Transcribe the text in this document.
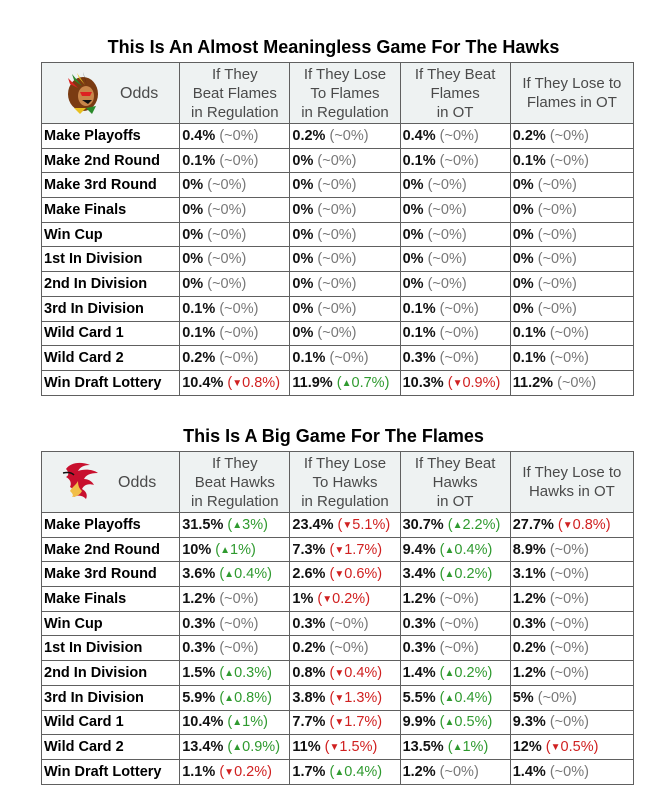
This Is An Almost Meaningless Game For The Hawks
Odds	If They
Beat Flames
in Regulation	If They Lose
To Flames
in Regulation	If They Beat
Flames
in OT	If They Lose to
Flames in OT
Make Playoffs	0.4% (~0%)	0.2% (~0%)	0.4% (~0%)	0.2% (~0%)
Make 2nd Round	0.1% (~0%)	0% (~0%)	0.1% (~0%)	0.1% (~0%)
Make 3rd Round	0% (~0%)	0% (~0%)	0% (~0%)	0% (~0%)
Make Finals	0% (~0%)	0% (~0%)	0% (~0%)	0% (~0%)
Win Cup	0% (~0%)	0% (~0%)	0% (~0%)	0% (~0%)
1st In Division	0% (~0%)	0% (~0%)	0% (~0%)	0% (~0%)
2nd In Division	0% (~0%)	0% (~0%)	0% (~0%)	0% (~0%)
3rd In Division	0.1% (~0%)	0% (~0%)	0.1% (~0%)	0% (~0%)
Wild Card 1	0.1% (~0%)	0% (~0%)	0.1% (~0%)	0.1% (~0%)
Wild Card 2	0.2% (~0%)	0.1% (~0%)	0.3% (~0%)	0.1% (~0%)
Win Draft Lottery	10.4% (▼0.8%)	11.9% (▲0.7%)	10.3% (▼0.9%)	11.2% (~0%)
This Is A Big Game For The Flames
Odds	If They
Beat Hawks
in Regulation	If They Lose
To Hawks
in Regulation	If They Beat
Hawks
in OT	If They Lose to
Hawks in OT
Make Playoffs	31.5% (▲3%)	23.4% (▼5.1%)	30.7% (▲2.2%)	27.7% (▼0.8%)
Make 2nd Round	10% (▲1%)	7.3% (▼1.7%)	9.4% (▲0.4%)	8.9% (~0%)
Make 3rd Round	3.6% (▲0.4%)	2.6% (▼0.6%)	3.4% (▲0.2%)	3.1% (~0%)
Make Finals	1.2% (~0%)	1% (▼0.2%)	1.2% (~0%)	1.2% (~0%)
Win Cup	0.3% (~0%)	0.3% (~0%)	0.3% (~0%)	0.3% (~0%)
1st In Division	0.3% (~0%)	0.2% (~0%)	0.3% (~0%)	0.2% (~0%)
2nd In Division	1.5% (▲0.3%)	0.8% (▼0.4%)	1.4% (▲0.2%)	1.2% (~0%)
3rd In Division	5.9% (▲0.8%)	3.8% (▼1.3%)	5.5% (▲0.4%)	5% (~0%)
Wild Card 1	10.4% (▲1%)	7.7% (▼1.7%)	9.9% (▲0.5%)	9.3% (~0%)
Wild Card 2	13.4% (▲0.9%)	11% (▼1.5%)	13.5% (▲1%)	12% (▼0.5%)
Win Draft Lottery	1.1% (▼0.2%)	1.7% (▲0.4%)	1.2% (~0%)	1.4% (~0%)
